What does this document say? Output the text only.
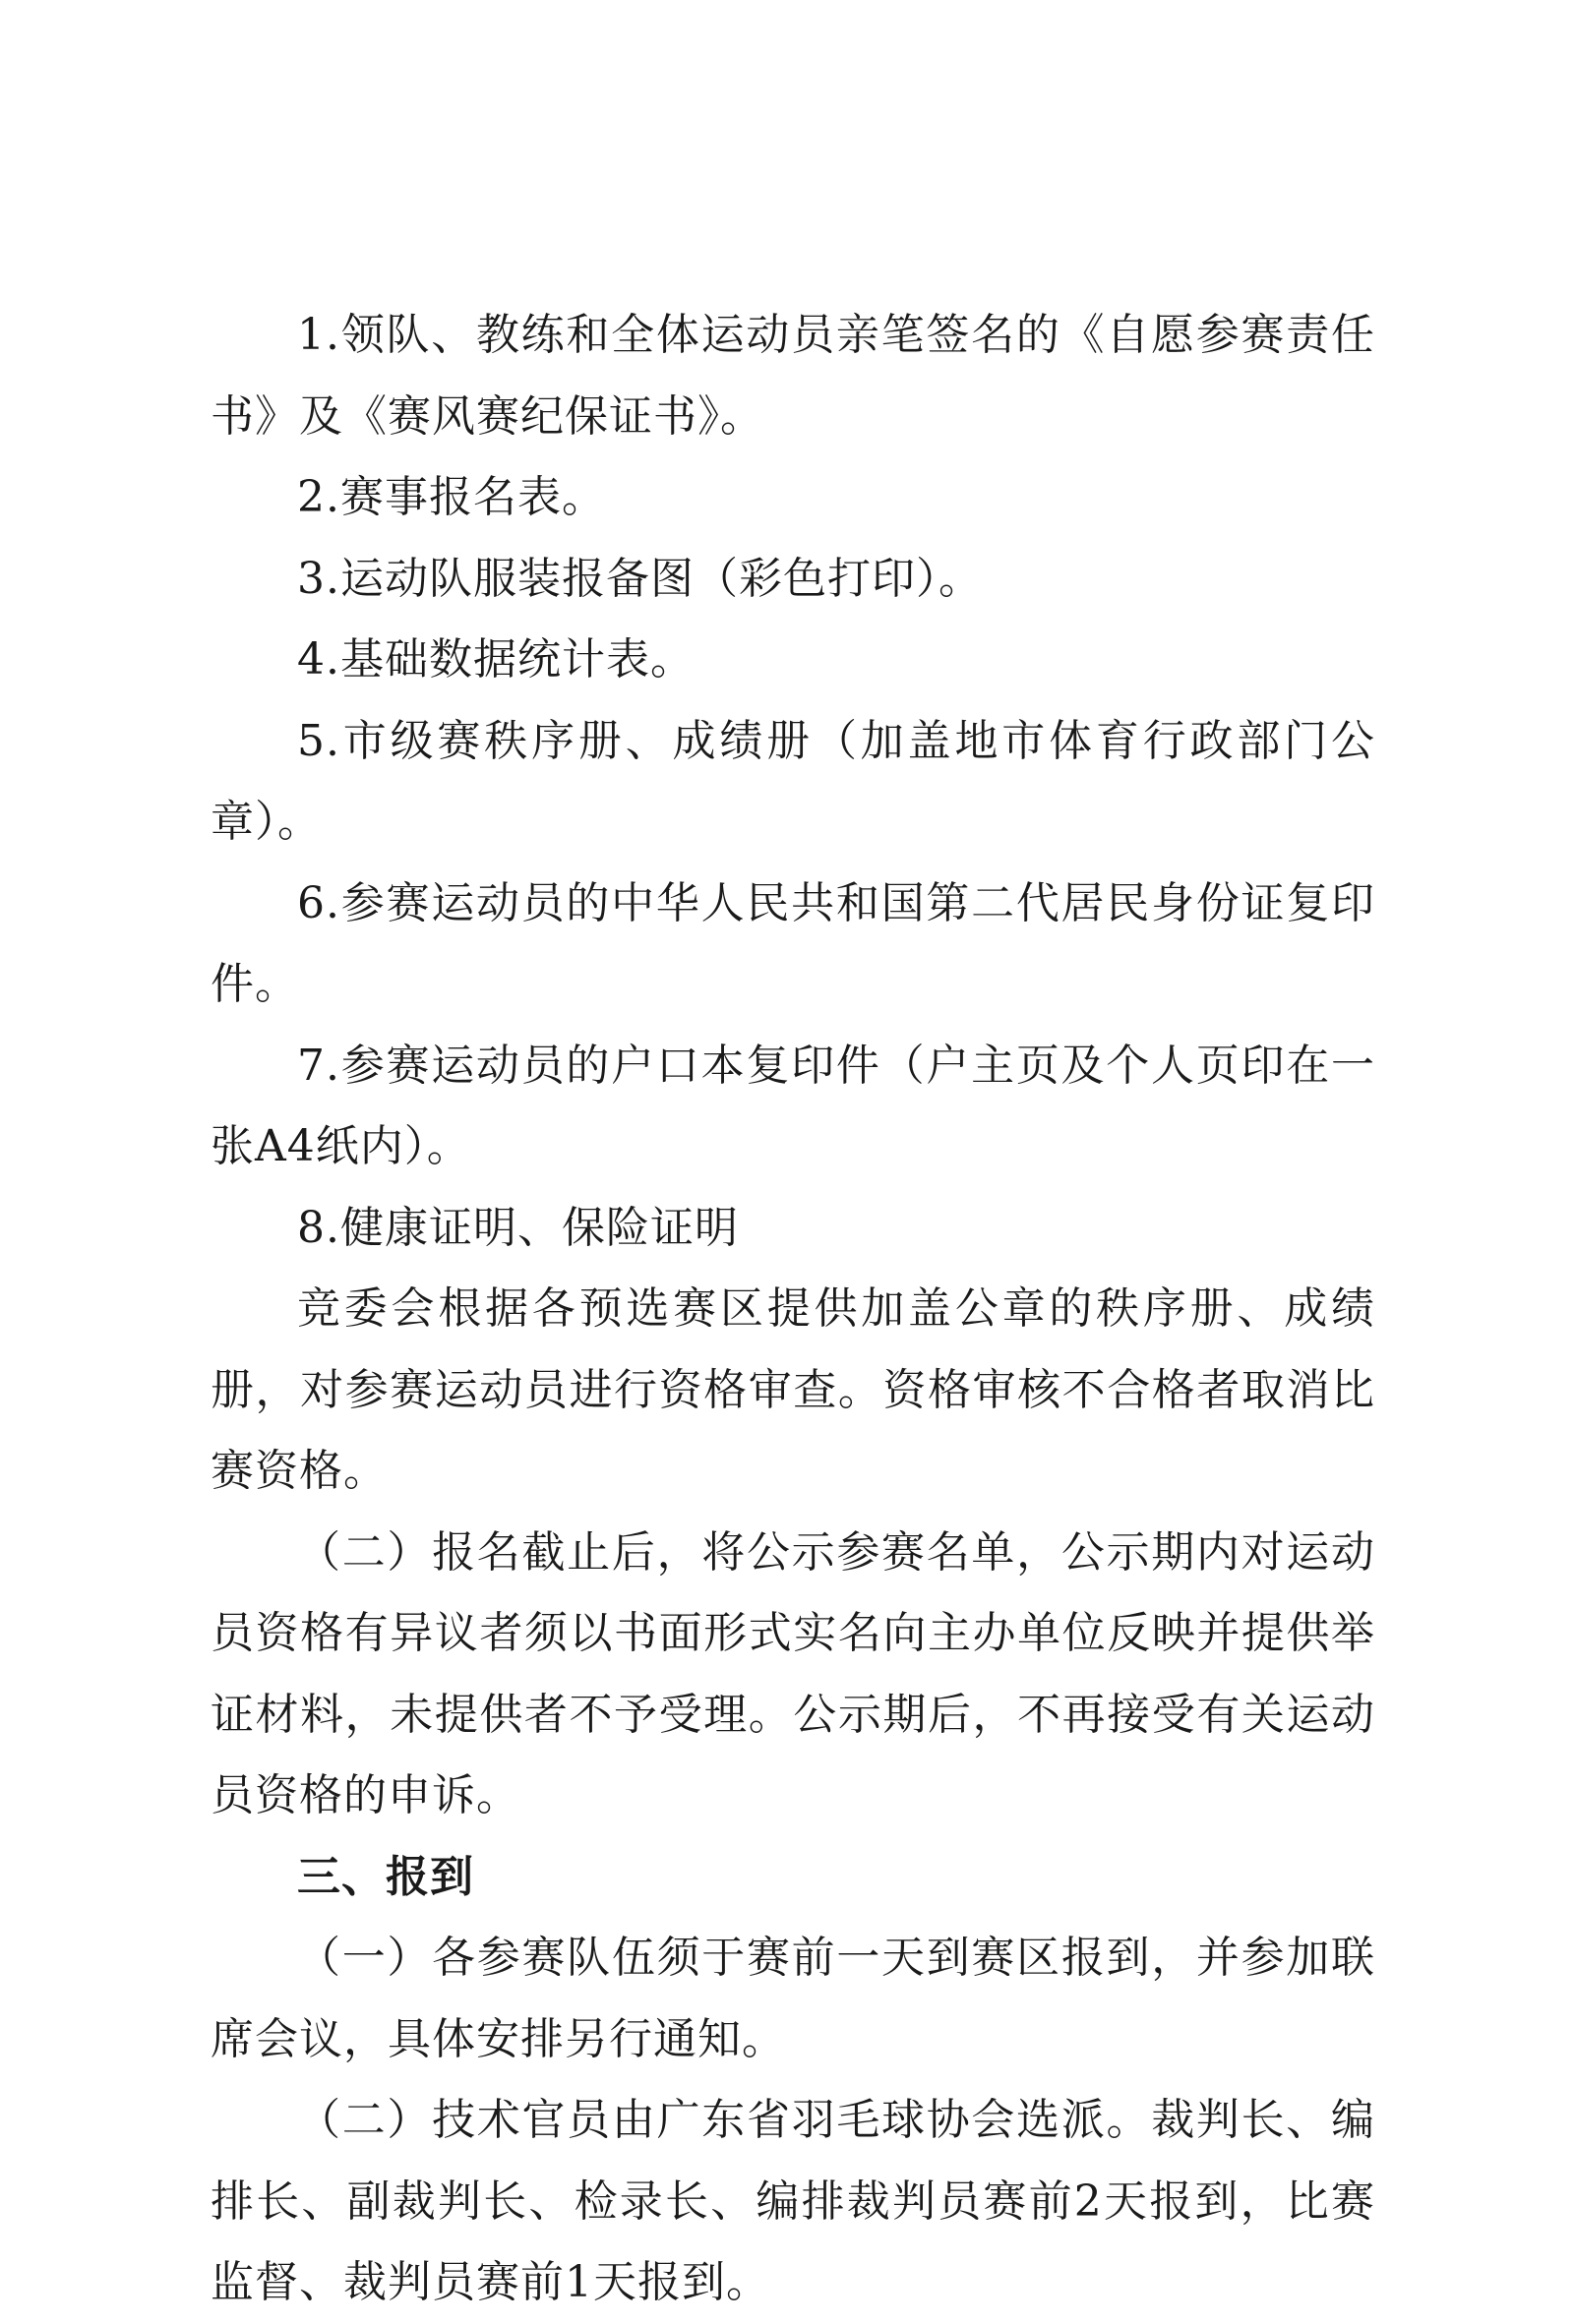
1.领队、教练和全体运动员亲笔签名的《自愿参赛责任书》及《赛风赛纪保证书》。

2.赛事报名表。

3.运动队服装报备图（彩色打印）。

4.基础数据统计表。

5.市级赛秩序册、成绩册（加盖地市体育行政部门公章）。

6.参赛运动员的中华人民共和国第二代居民身份证复印件。

7.参赛运动员的户口本复印件（户主页及个人页印在一张A4纸内）。

8.健康证明、保险证明

竞委会根据各预选赛区提供加盖公章的秩序册、成绩册，对参赛运动员进行资格审查。资格审核不合格者取消比赛资格。

（二）报名截止后，将公示参赛名单，公示期内对运动员资格有异议者须以书面形式实名向主办单位反映并提供举证材料，未提供者不予受理。公示期后，不再接受有关运动员资格的申诉。

三、报到

（一）各参赛队伍须于赛前一天到赛区报到，并参加联席会议，具体安排另行通知。

（二）技术官员由广东省羽毛球协会选派。裁判长、编排长、副裁判长、检录长、编排裁判员赛前2天报到，比赛监督、裁判员赛前1天报到。
